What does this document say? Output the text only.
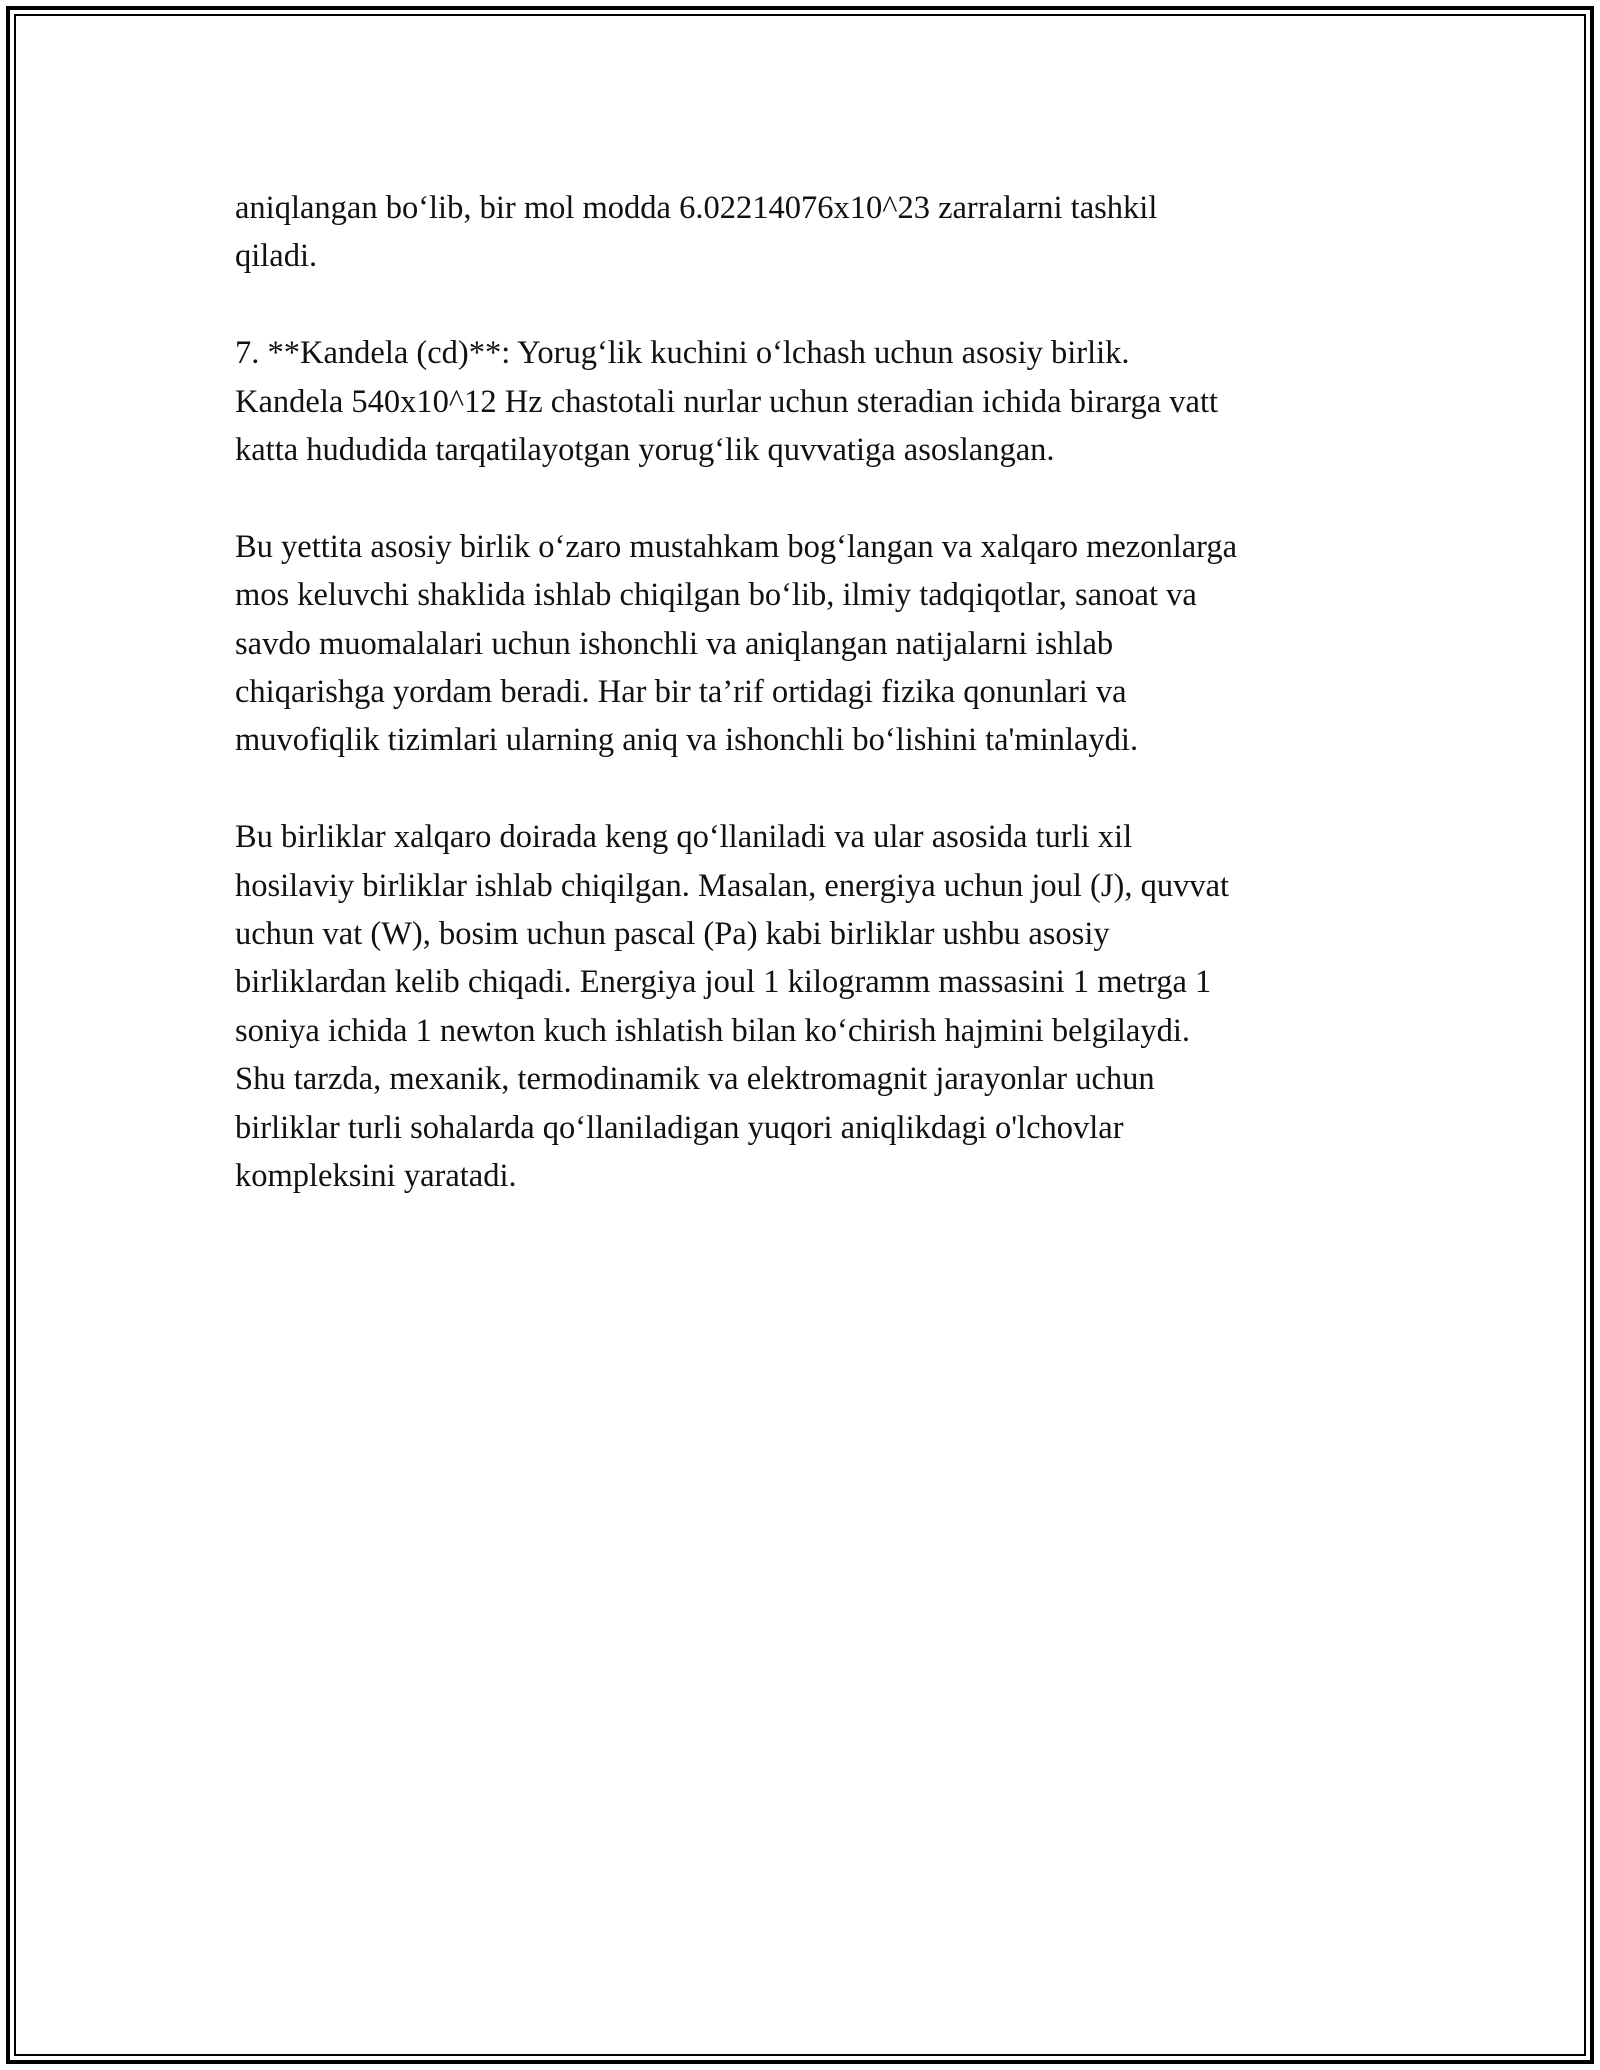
aniqlangan bo‘lib, bir mol modda 6.02214076x10^23 zarralarni tashkil
qiladi.

7. **Kandela (cd)**: Yorug‘lik kuchini o‘lchash uchun asosiy birlik.
Kandela 540x10^12 Hz chastotali nurlar uchun steradian ichida birarga vatt
katta hududida tarqatilayotgan yorug‘lik quvvatiga asoslangan.

Bu yettita asosiy birlik o‘zaro mustahkam bog‘langan va xalqaro mezonlarga
mos keluvchi shaklida ishlab chiqilgan bo‘lib, ilmiy tadqiqotlar, sanoat va
savdo muomalalari uchun ishonchli va aniqlangan natijalarni ishlab
chiqarishga yordam beradi. Har bir ta’rif ortidagi fizika qonunlari va
muvofiqlik tizimlari ularning aniq va ishonchli bo‘lishini ta'minlaydi.

Bu birliklar xalqaro doirada keng qo‘llaniladi va ular asosida turli xil
hosilaviy birliklar ishlab chiqilgan. Masalan, energiya uchun joul (J), quvvat
uchun vat (W), bosim uchun pascal (Pa) kabi birliklar ushbu asosiy
birliklardan kelib chiqadi. Energiya joul 1 kilogramm massasini 1 metrga 1
soniya ichida 1 newton kuch ishlatish bilan ko‘chirish hajmini belgilaydi.
Shu tarzda, mexanik, termodinamik va elektromagnit jarayonlar uchun
birliklar turli sohalarda qo‘llaniladigan yuqori aniqlikdagi o'lchovlar
kompleksini yaratadi.
